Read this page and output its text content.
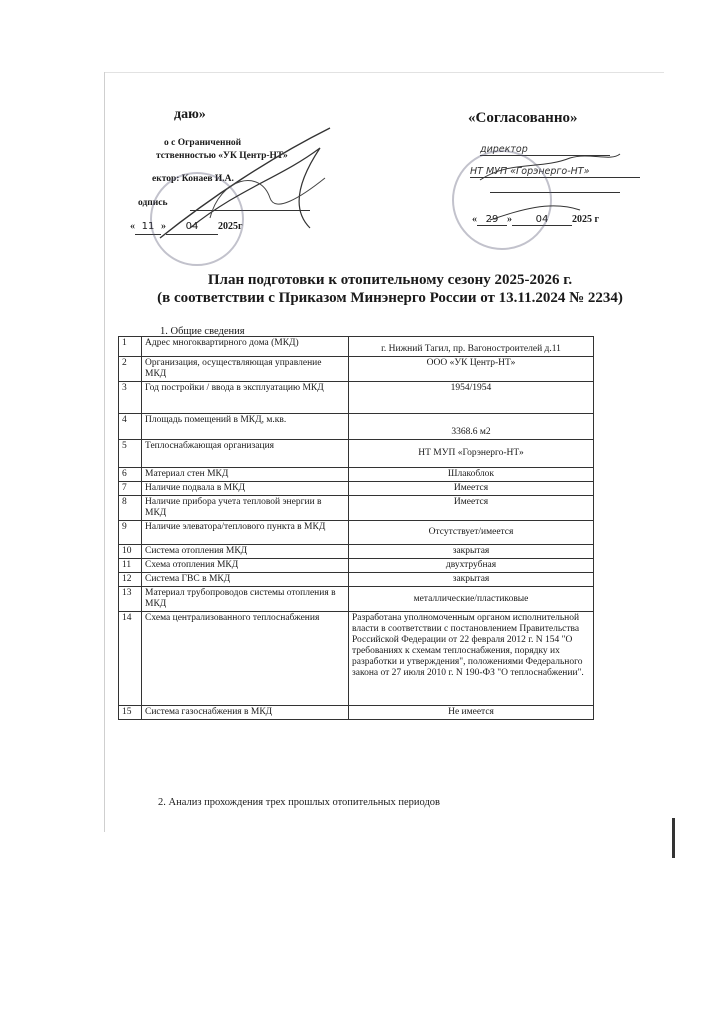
даю»
о с Ограниченной
тственностью «УК Центр-НТ»
ектор: Конаев И.А.
одпись
« 11 » 04 2025г
«Согласованно»
директор
НТ МУП «Горэнерго-НТ»
« 29 » 04 2025 г
План подготовки к отопительному сезону 2025-2026 г.
(в соответствии с Приказом Минэнерго России от 13.11.2024 № 2234)
1. Общие сведения
1	Адрес многоквартирного дома (МКД)	г. Нижний Тагил, пр. Вагоностроителей д.11
2	Организация, осуществляющая управление МКД	ООО «УК Центр-НТ»
3	Год постройки / ввода в эксплуатацию МКД	1954/1954
4	Площадь помещений в МКД, м.кв.	3368.6 м2
5	Теплоснабжающая организация	НТ МУП «Горэнерго-НТ»
6	Материал стен МКД	Шлакоблок
7	Наличие подвала в МКД	Имеется
8	Наличие прибора учета тепловой энергии в МКД	Имеется
9	Наличие элеватора/теплового пункта в МКД	Отсутствует/имеется
10	Система отопления МКД	закрытая
11	Схема отопления МКД	двухтрубная
12	Система ГВС в МКД	закрытая
13	Материал трубопроводов системы отопления в МКД	металлические/пластиковые
14	Схема централизованного теплоснабжения	Разработана уполномоченным органом исполнительной власти в соответствии с постановлением Правительства Российской Федерации от 22 февраля 2012 г. N 154 "О требованиях к схемам теплоснабжения, порядку их разработки и утверждения", положениями Федерального закона от 27 июля 2010 г. N 190-ФЗ "О теплоснабжении".
15	Система газоснабжения в МКД	Не имеется
2. Анализ прохождения трех прошлых отопительных периодов
